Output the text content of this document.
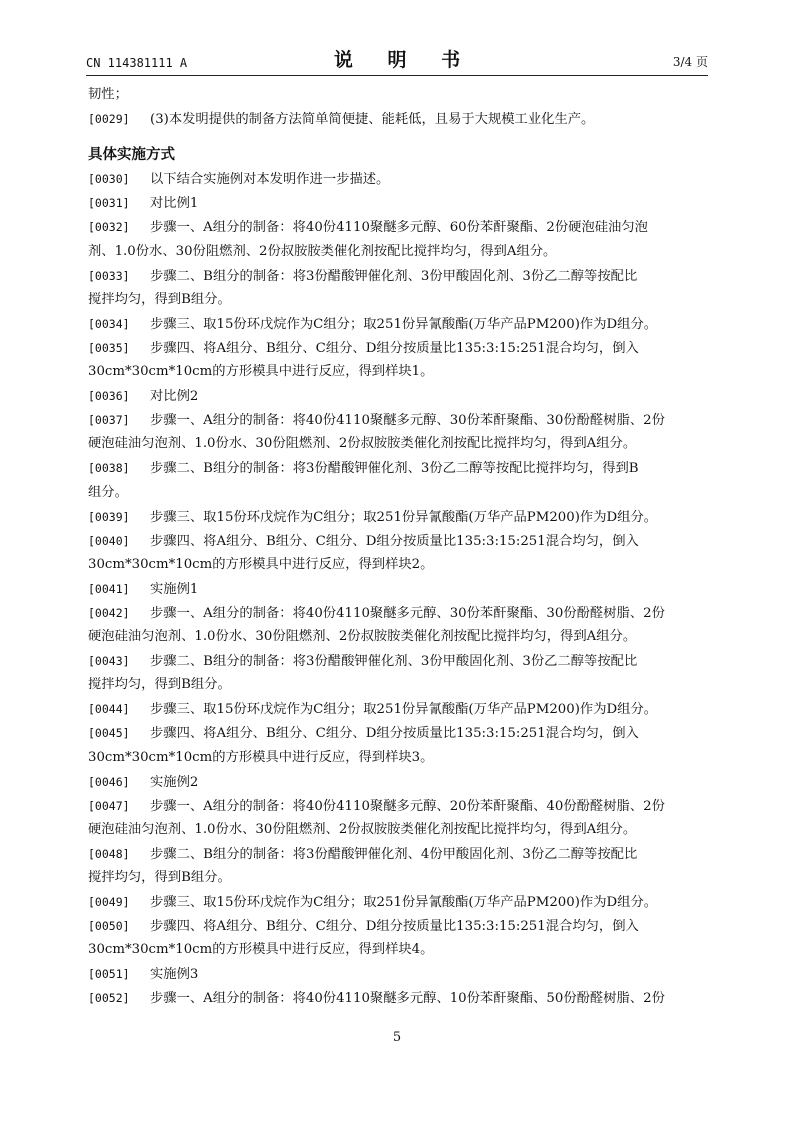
CN 114381111 A	说 明 书	3/4 页
韧性；
[0029] (3)本发明提供的制备方法简单简便捷、能耗低，且易于大规模工业化生产。
具体实施方式
[0030] 以下结合实施例对本发明作进一步描述。
[0031] 对比例1
[0032] 步骤一、A组分的制备：将40份4110聚醚多元醇、60份苯酐聚酯、2份硬泡硅油匀泡
剂、1.0份水、30份阻燃剂、2份叔胺胺类催化剂按配比搅拌均匀，得到A组分。
[0033] 步骤二、B组分的制备：将3份醋酸钾催化剂、3份甲酸固化剂、3份乙二醇等按配比
搅拌均匀，得到B组分。
[0034] 步骤三、取15份环戊烷作为C组分；取251份异氰酸酯(万华产品PM200)作为D组分。
[0035] 步骤四、将A组分、B组分、C组分、D组分按质量比135:3:15:251混合均匀，倒入
30cm*30cm*10cm的方形模具中进行反应，得到样块1。
[0036] 对比例2
[0037] 步骤一、A组分的制备：将40份4110聚醚多元醇、30份苯酐聚酯、30份酚醛树脂、2份
硬泡硅油匀泡剂、1.0份水、30份阻燃剂、2份叔胺胺类催化剂按配比搅拌均匀，得到A组分。
[0038] 步骤二、B组分的制备：将3份醋酸钾催化剂、3份乙二醇等按配比搅拌均匀，得到B
组分。
[0039] 步骤三、取15份环戊烷作为C组分；取251份异氰酸酯(万华产品PM200)作为D组分。
[0040] 步骤四、将A组分、B组分、C组分、D组分按质量比135:3:15:251混合均匀，倒入
30cm*30cm*10cm的方形模具中进行反应，得到样块2。
[0041] 实施例1
[0042] 步骤一、A组分的制备：将40份4110聚醚多元醇、30份苯酐聚酯、30份酚醛树脂、2份
硬泡硅油匀泡剂、1.0份水、30份阻燃剂、2份叔胺胺类催化剂按配比搅拌均匀，得到A组分。
[0043] 步骤二、B组分的制备：将3份醋酸钾催化剂、3份甲酸固化剂、3份乙二醇等按配比
搅拌均匀，得到B组分。
[0044] 步骤三、取15份环戊烷作为C组分；取251份异氰酸酯(万华产品PM200)作为D组分。
[0045] 步骤四、将A组分、B组分、C组分、D组分按质量比135:3:15:251混合均匀，倒入
30cm*30cm*10cm的方形模具中进行反应，得到样块3。
[0046] 实施例2
[0047] 步骤一、A组分的制备：将40份4110聚醚多元醇、20份苯酐聚酯、40份酚醛树脂、2份
硬泡硅油匀泡剂、1.0份水、30份阻燃剂、2份叔胺胺类催化剂按配比搅拌均匀，得到A组分。
[0048] 步骤二、B组分的制备：将3份醋酸钾催化剂、4份甲酸固化剂、3份乙二醇等按配比
搅拌均匀，得到B组分。
[0049] 步骤三、取15份环戊烷作为C组分；取251份异氰酸酯(万华产品PM200)作为D组分。
[0050] 步骤四、将A组分、B组分、C组分、D组分按质量比135:3:15:251混合均匀，倒入
30cm*30cm*10cm的方形模具中进行反应，得到样块4。
[0051] 实施例3
[0052] 步骤一、A组分的制备：将40份4110聚醚多元醇、10份苯酐聚酯、50份酚醛树脂、2份
5
